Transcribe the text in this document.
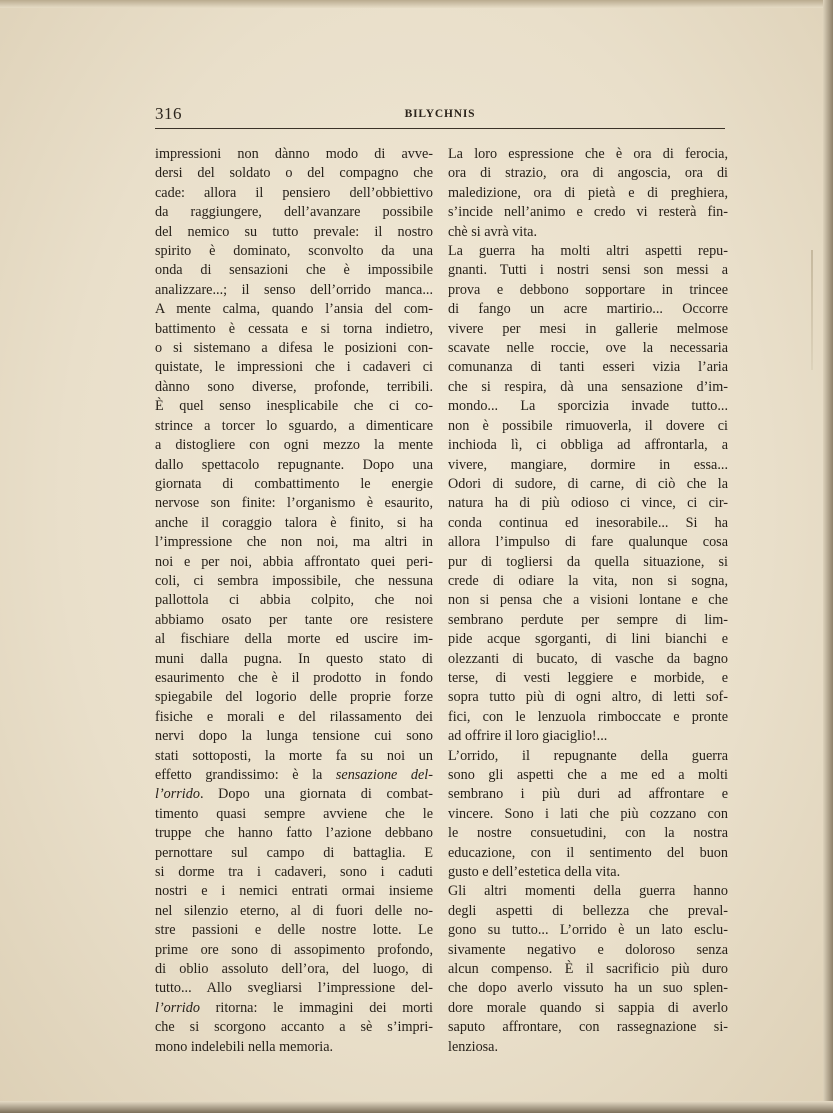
316	BILYCHNIS
impressioni non dànno modo di avve-
dersi del soldato o del compagno che
cade: allora il pensiero dell’obbiettivo
da raggiungere, dell’avanzare possibile
del nemico su tutto prevale: il nostro
spirito è dominato, sconvolto da una
onda di sensazioni che è impossibile
analizzare...; il senso dell’orrido manca...
A mente calma, quando l’ansia del com-
battimento è cessata e si torna indietro,
o si sistemano a difesa le posizioni con-
quistate, le impressioni che i cadaveri ci
dànno sono diverse, profonde, terribili.
È quel senso inesplicabile che ci co-
strince a torcer lo sguardo, a dimenticare
a distogliere con ogni mezzo la mente
dallo spettacolo repugnante. Dopo una
giornata di combattimento le energie
nervose son finite: l’organismo è esaurito,
anche il coraggio talora è finito, si ha
l’impressione che non noi, ma altri in
noi e per noi, abbia affrontato quei peri-
coli, ci sembra impossibile, che nessuna
pallottola ci abbia colpito, che noi
abbiamo osato per tante ore resistere
al fischiare della morte ed uscire im-
muni dalla pugna. In questo stato di
esaurimento che è il prodotto in fondo
spiegabile del logorio delle proprie forze
fisiche e morali e del rilassamento dei
nervi dopo la lunga tensione cui sono
stati sottoposti, la morte fa su noi un
effetto grandissimo: è la sensazione del-
l’orrido. Dopo una giornata di combat-
timento quasi sempre avviene che le
truppe che hanno fatto l’azione debbano
pernottare sul campo di battaglia. E
si dorme tra i cadaveri, sono i caduti
nostri e i nemici entrati ormai insieme
nel silenzio eterno, al di fuori delle no-
stre passioni e delle nostre lotte. Le
prime ore sono di assopimento profondo,
di oblio assoluto dell’ora, del luogo, di
tutto... Allo svegliarsi l’impressione del-
l’orrido ritorna: le immagini dei morti
che si scorgono accanto a sè s’impri-
mono indelebili nella memoria.
La loro espressione che è ora di ferocia,
ora di strazio, ora di angoscia, ora di
maledizione, ora di pietà e di preghiera,
s’incide nell’animo e credo vi resterà fin-
chè si avrà vita.
La guerra ha molti altri aspetti repu-
gnanti. Tutti i nostri sensi son messi a
prova e debbono sopportare in trincee
di fango un acre martirio... Occorre
vivere per mesi in gallerie melmose
scavate nelle roccie, ove la necessaria
comunanza di tanti esseri vizia l’aria
che si respira, dà una sensazione d’im-
mondo... La sporcizia invade tutto...
non è possibile rimuoverla, il dovere ci
inchioda lì, ci obbliga ad affrontarla, a
vivere, mangiare, dormire in essa...
Odori di sudore, di carne, di ciò che la
natura ha di più odioso ci vince, ci cir-
conda continua ed inesorabile... Si ha
allora l’impulso di fare qualunque cosa
pur di togliersi da quella situazione, si
crede di odiare la vita, non si sogna,
non si pensa che a visioni lontane e che
sembrano perdute per sempre di lim-
pide acque sgorganti, di lini bianchi e
olezzanti di bucato, di vasche da bagno
terse, di vesti leggiere e morbide, e
sopra tutto più di ogni altro, di letti sof-
fici, con le lenzuola rimboccate e pronte
ad offrire il loro giaciglio!...
L’orrido, il repugnante della guerra
sono gli aspetti che a me ed a molti
sembrano i più duri ad affrontare e
vincere. Sono i lati che più cozzano con
le nostre consuetudini, con la nostra
educazione, con il sentimento del buon
gusto e dell’estetica della vita.
Gli altri momenti della guerra hanno
degli aspetti di bellezza che preval-
gono su tutto... L’orrido è un lato esclu-
sivamente negativo e doloroso senza
alcun compenso. È il sacrificio più duro
che dopo averlo vissuto ha un suo splen-
dore morale quando si sappia di averlo
saputo affrontare, con rassegnazione si-
lenziosa.
